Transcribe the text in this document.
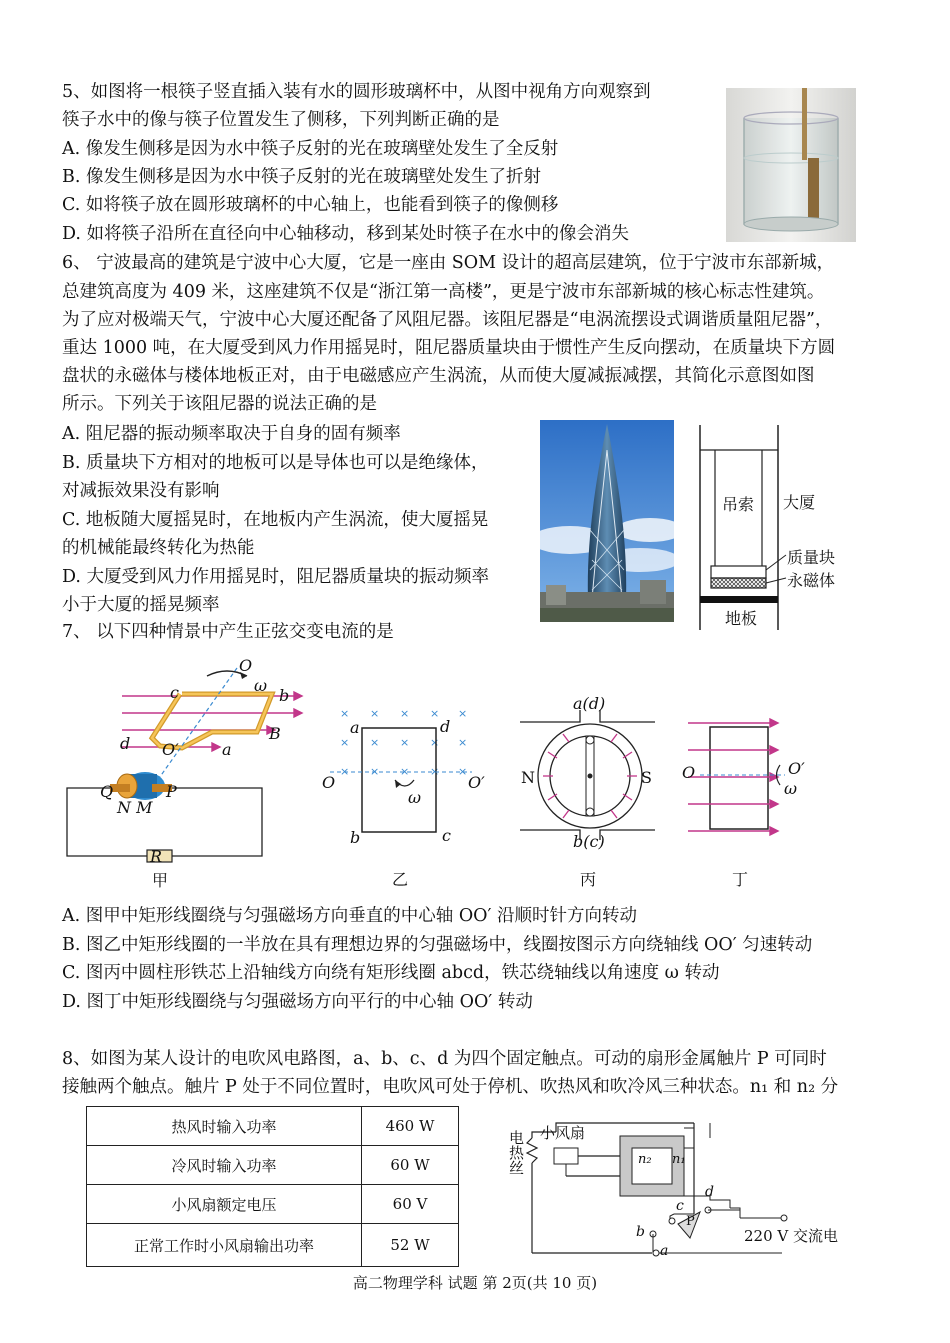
5、如图将一根筷子竖直插入装有水的圆形玻璃杯中，从图中视角方向观察到
筷子水中的像与筷子位置发生了侧移，下列判断正确的是
A. 像发生侧移是因为水中筷子反射的光在玻璃壁处发生了全反射
B. 像发生侧移是因为水中筷子反射的光在玻璃壁处发生了折射
C. 如将筷子放在圆形玻璃杯的中心轴上，也能看到筷子的像侧移
D. 如将筷子沿所在直径向中心轴移动，移到某处时筷子在水中的像会消失
6、 宁波最高的建筑是宁波中心大厦，它是一座由 SOM 设计的超高层建筑，位于宁波市东部新城，
总建筑高度为 409 米，这座建筑不仅是“浙江第一高楼”，更是宁波市东部新城的核心标志性建筑。
为了应对极端天气，宁波中心大厦还配备了风阻尼器。该阻尼器是“电涡流摆设式调谐质量阻尼器”，
重达 1000 吨，在大厦受到风力作用摇晃时，阻尼器质量块由于惯性产生反向摆动，在质量块下方圆
盘状的永磁体与楼体地板正对，由于电磁感应产生涡流，从而使大厦减振减摆，其简化示意图如图
所示。下列关于该阻尼器的说法正确的是
A. 阻尼器的振动频率取决于自身的固有频率
B. 质量块下方相对的地板可以是导体也可以是绝缘体，
对减振效果没有影响
C. 地板随大厦摇晃时，在地板内产生涡流，使大厦摇晃
的机械能最终转化为热能
D. 大厦受到风力作用摇晃时，阻尼器质量块的振动频率
小于大厦的摇晃频率
吊索 大厦
质量块
永磁体
地板
7、 以下四种情景中产生正弦交变电流的是
O
ω
c	b
B
d O′	a
Q	P
N M
R
甲
× × × × ×
× × × × ×
× × × × ×
a	d
O	O′
ω
b	c
乙
a(d)
N	S
b(c)
丙
O	O′
ω
丁
A. 图甲中矩形线圈绕与匀强磁场方向垂直的中心轴 OO′ 沿顺时针方向转动
B. 图乙中矩形线圈的一半放在具有理想边界的匀强磁场中，线圈按图示方向绕轴线 OO′ 匀速转动
C. 图丙中圆柱形铁芯上沿轴线方向绕有矩形线圈 abcd，铁芯绕轴线以角速度 ω 转动
D. 图丁中矩形线圈绕与匀强磁场方向平行的中心轴 OO′ 转动
8、如图为某人设计的电吹风电路图，a、b、c、d 为四个固定触点。可动的扇形金属触片 P 可同时
接触两个触点。触片 P 处于不同位置时，电吹风可处于停机、吹热风和吹冷风三种状态。n₁ 和 n₂ 分
热风时输入功率	460 W
冷风时输入功率	60 W
小风扇额定电压	60 V
正常工作时小风扇输出功率	52 W
电热丝 小风扇
n₂ n₁
c
d
b
a
P
220 V 交流电
高二物理学科 试题 第 2页(共 10 页)
